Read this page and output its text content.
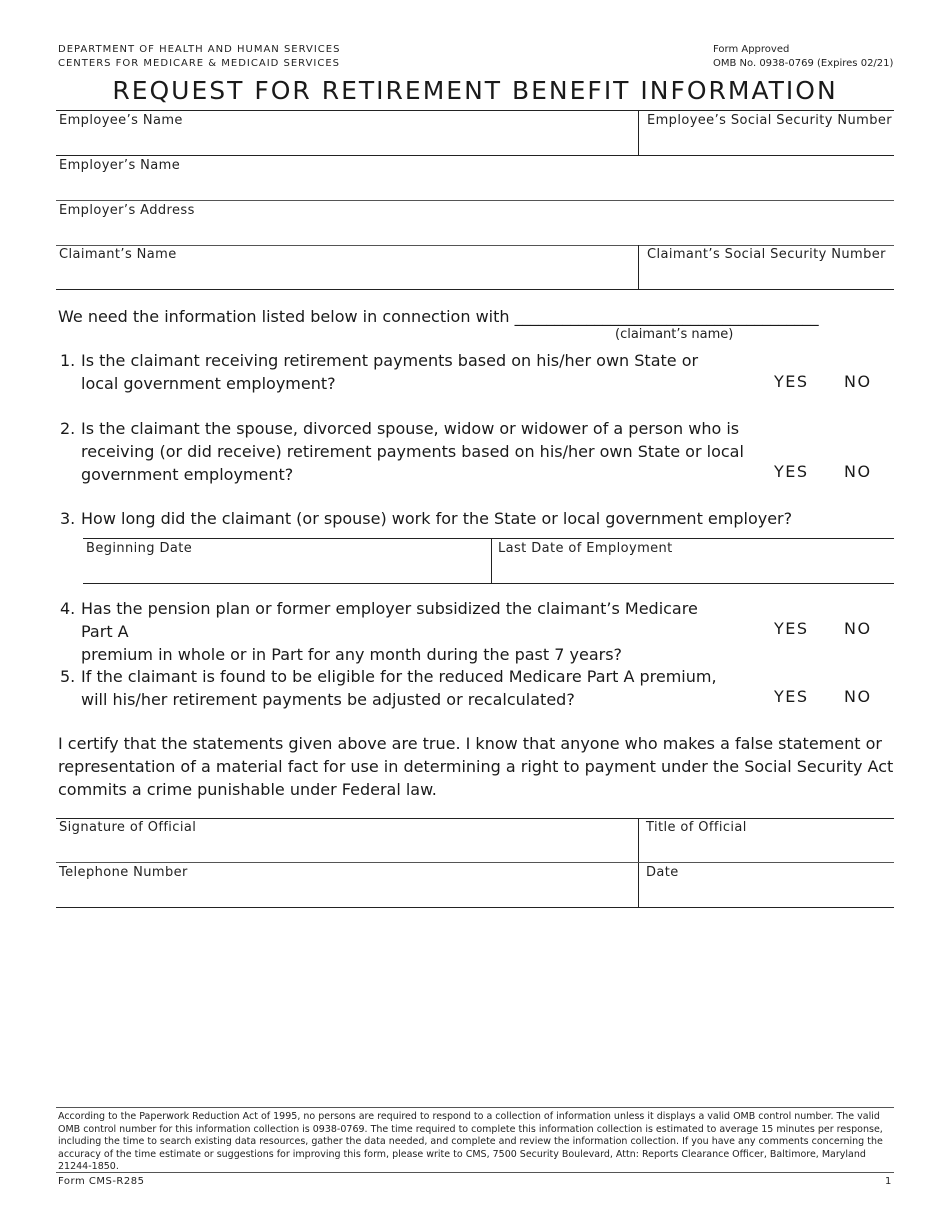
DEPARTMENT OF HEALTH AND HUMAN SERVICES
CENTERS FOR MEDICARE & MEDICAID SERVICES
Form Approved
OMB No. 0938-0769 (Expires 02/21)
REQUEST FOR RETIREMENT BENEFIT INFORMATION
Employee’s Name	Employee’s Social Security Number
Employer’s Name
Employer’s Address
Claimant’s Name	Claimant’s Social Security Number
We need the information listed below in connection with ______________________________________
(claimant’s name)
1. Is the claimant receiving retirement payments based on his/her own State or
local government employment?	YES NO
2. Is the claimant the spouse, divorced spouse, widow or widower of a person who is
receiving (or did receive) retirement payments based on his/her own State or local
government employment?	YES NO
3. How long did the claimant (or spouse) work for the State or local government employer?
Beginning Date	Last Date of Employment
4. Has the pension plan or former employer subsidized the claimant’s Medicare Part A
premium in whole or in Part for any month during the past 7 years?
YES NO
5. If the claimant is found to be eligible for the reduced Medicare Part A premium,
will his/her retirement payments be adjusted or recalculated?	YES NO
I certify that the statements given above are true. I know that anyone who makes a false statement or
representation of a material fact for use in determining a right to payment under the Social Security Act
commits a crime punishable under Federal law.
Signature of Official	Title of Official
Telephone Number	Date
According to the Paperwork Reduction Act of 1995, no persons are required to respond to a collection of information unless it displays a valid OMB control number. The valid OMB control number for this information collection is 0938-0769. The time required to complete this information collection is estimated to average 15 minutes per response, including the time to search existing data resources, gather the data needed, and complete and review the information collection. If you have any comments concerning the accuracy of the time estimate or suggestions for improving this form, please write to CMS, 7500 Security Boulevard, Attn: Reports Clearance Officer, Baltimore, Maryland 21244-1850.
Form CMS-R285	1
